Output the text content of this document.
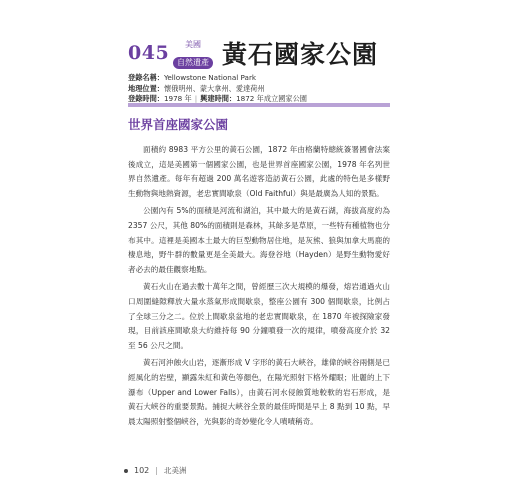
045	美國
自然遺產 黃石國家公園
登錄名稱：Yellowstone National Park
地理位置：懷俄明州、蒙大拿州、愛達荷州
登錄時間：1978 年 | 興建時間：1872 年成立國家公園
世界首座國家公園

面積約 8983 平方公里的黃石公園，1872 年由格蘭特總統簽署國會法案後成立，這是美國第一個國家公園，也是世界首座國家公園，1978 年名列世界自然遺產。每年有超過 200 萬名遊客造訪黃石公園，此處的特色是多樣野生動物與地熱資源，老忠實間歇泉（Old Faithful）與是最廣為人知的景點。

公園內有 5%的面積是河流和湖泊，其中最大的是黃石湖，海拔高度約為 2357 公尺，其他 80%的面積則是森林，其餘多是草原，一些特有種植物也分布其中。這裡是美國本土最大的巨型動物居住地，是灰熊、狼與加拿大馬鹿的棲息地，野牛群的數量更是全美最大。海登谷地（Hayden）是野生動物愛好者必去的最佳觀察地點。

黃石火山在過去數十萬年之間，曾經歷三次大規模的爆發，熔岩通過火山口周圍縫隙釋放大量水蒸氣形成間歇泉，整座公園有 300 個間歇泉，比例占了全球三分之二。位於上間歇泉盆地的老忠實間歇泉，在 1870 年被探險家發現，目前該座間歇泉大約維持每 90 分鐘噴發一次的規律，噴發高度介於 32 至 56 公尺之間。

黃石河沖蝕火山岩，逐漸形成 V 字形的黃石大峽谷，雄偉的峽谷兩側是已經風化的岩壁，顯露朱紅和黃色等顏色，在陽光照射下格外耀眼；壯麗的上下瀑布（Upper and Lower Falls），由黃石河水侵蝕質地較軟的岩石形成，是黃石大峽谷的重要景點。捕捉大峽谷全景的最佳時間是早上 8 點到 10 點，早晨太陽照射整個峽谷，光與影的奇妙變化令人嘖嘖稱奇。

102 | 北美洲
